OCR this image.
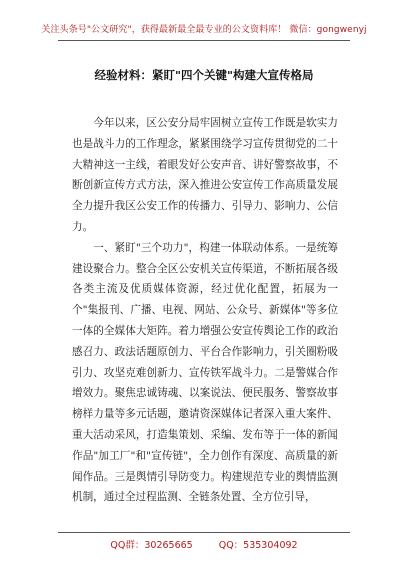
关注头条号"公文研究"，获得最新最全最专业的公文资料库！ 微信：gongwenyj
经验材料：紧盯"四个关键"构建大宣传格局

今年以来，区公安分局牢固树立宣传工作既是软实力也是战斗力的工作理念，紧紧围绕学习宣传贯彻党的二十大精神这一主线，着眼发好公安声音、讲好警察故事，不断创新宣传方式方法，深入推进公安宣传工作高质量发展全力提升我区公安工作的传播力、引导力、影响力、公信力。

一、紧盯"三个功力"，构建一体联动体系。一是统筹建设聚合力。整合全区公安机关宣传渠道，不断拓展各级各类主流及优质媒体资源，经过优化配置，拓展为一个"集报刊、广播、电视、网站、公众号、新媒体"等多位一体的全媒体大矩阵。着力增强公安宣传舆论工作的政治感召力、政法话题原创力、平台合作影响力，引关圈粉吸引力、攻坚克难创新力、宣传铁军战斗力。二是警媒合作增效力。聚焦忠诚铸魂、以案说法、便民服务、警察故事榜样力量等多元话题，邀请资深媒体记者深入重大案件、重大活动采风，打造集策划、采编、发布等于一体的新闻作品"加工厂"和"宣传链"，全力创作有深度、高质量的新闻作品。三是舆情引导防变力。构建规范专业的舆情监测机制，通过全过程监测、全链条处置、全方位引导，

QQ群：30265665	QQ：535304092
